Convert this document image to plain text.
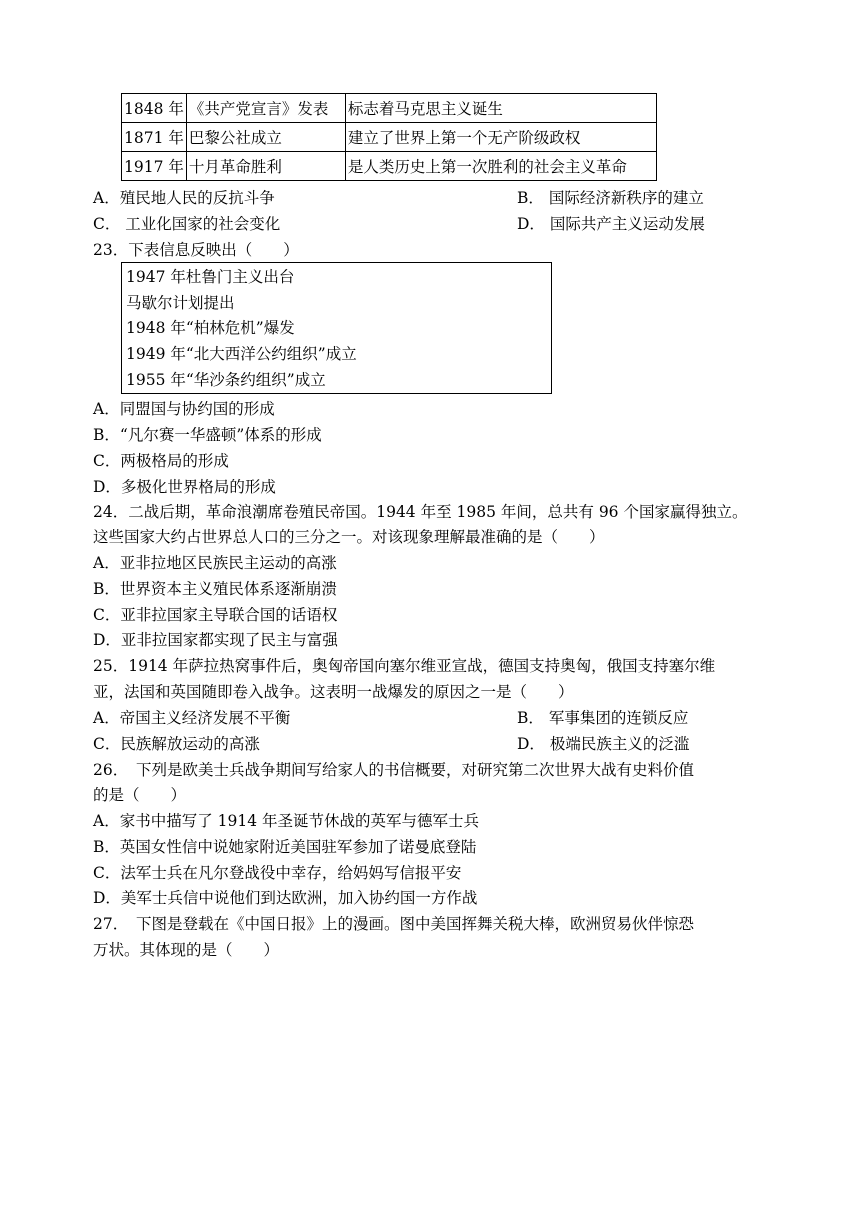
1848 年	《共产党宣言》发表	标志着马克思主义诞生
1871 年	巴黎公社成立	建立了世界上第一个无产阶级政权
1917 年	十月革命胜利	是人类历史上第一次胜利的社会主义革命
A．殖民地人民的反抗斗争	B． 国际经济新秩序的建立
C． 工业化国家的社会变化	D． 国际共产主义运动发展
23．下表信息反映出（　　）
1947 年杜鲁门主义出台
马歇尔计划提出
1948 年“柏林危机”爆发
1949 年“北大西洋公约组织”成立
1955 年“华沙条约组织”成立
A．同盟国与协约国的形成
B．“凡尔赛一华盛顿”体系的形成
C．两极格局的形成
D．多极化世界格局的形成
24．二战后期，革命浪潮席卷殖民帝国。1944 年至 1985 年间，总共有 96 个国家赢得独立。
这些国家大约占世界总人口的三分之一。对该现象理解最准确的是（　　）
A．亚非拉地区民族民主运动的高涨
B．世界资本主义殖民体系逐渐崩溃
C．亚非拉国家主导联合国的话语权
D．亚非拉国家都实现了民主与富强
25．1914 年萨拉热窝事件后，奥匈帝国向塞尔维亚宣战，德国支持奥匈，俄国支持塞尔维
亚，法国和英国随即卷入战争。这表明一战爆发的原因之一是（　　）
A．帝国主义经济发展不平衡	B． 军事集团的连锁反应
C．民族解放运动的高涨	D． 极端民族主义的泛滥
26．　下列是欧美士兵战争期间写给家人的书信概要，对研究第二次世界大战有史料价值
的是（　　）
A．家书中描写了 1914 年圣诞节休战的英军与德军士兵
B．英国女性信中说她家附近美国驻军参加了诺曼底登陆
C．法军士兵在凡尔登战役中幸存，给妈妈写信报平安
D．美军士兵信中说他们到达欧洲，加入协约国一方作战
27．　下图是登载在《中国日报》上的漫画。图中美国挥舞关税大棒，欧洲贸易伙伴惊恐
万状。其体现的是（　　）
